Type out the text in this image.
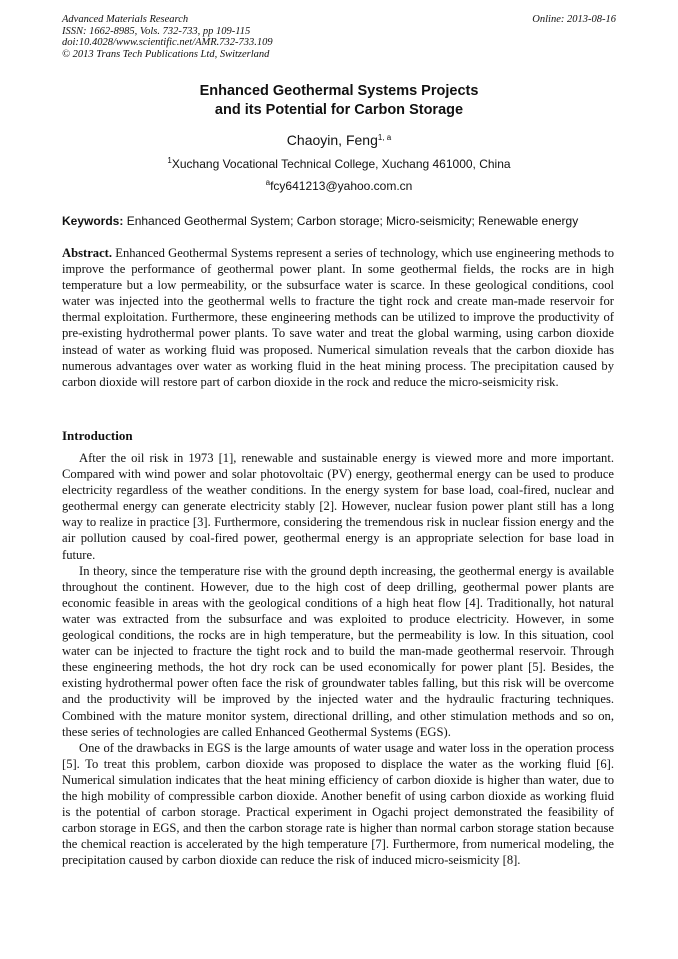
Advanced Materials Research
ISSN: 1662-8985, Vols. 732-733, pp 109-115
doi:10.4028/www.scientific.net/AMR.732-733.109
© 2013 Trans Tech Publications Ltd, Switzerland
Online: 2013-08-16
Enhanced Geothermal Systems Projects
and its Potential for Carbon Storage
Chaoyin, Feng$^{1, a}$
$^1$Xuchang Vocational Technical College, Xuchang 461000, China
$^a$fcy641213@yahoo.com.cn
Keywords: Enhanced Geothermal System; Carbon storage; Micro-seismicity; Renewable energy

Abstract. Enhanced Geothermal Systems represent a series of technology, which use engineering methods to improve the performance of geothermal power plant. In some geothermal fields, the rocks are in high temperature but a low permeability, or the subsurface water is scarce. In these geological conditions, cool water was injected into the geothermal wells to fracture the tight rock and create man-made reservoir for thermal exploitation. Furthermore, these engineering methods can be utilized to improve the productivity of pre-existing hydrothermal power plants. To save water and treat the global warming, using carbon dioxide instead of water as working fluid was proposed. Numerical simulation reveals that the carbon dioxide has numerous advantages over water as working fluid in the heat mining process. The precipitation caused by carbon dioxide will restore part of carbon dioxide in the rock and reduce the micro-seismicity risk.

Introduction

After the oil risk in 1973 [1], renewable and sustainable energy is viewed more and more important. Compared with wind power and solar photovoltaic (PV) energy, geothermal energy can be used to produce electricity regardless of the weather conditions. In the energy system for base load, coal-fired, nuclear and geothermal energy can generate electricity stably [2]. However, nuclear fusion power plant still has a long way to realize in practice [3]. Furthermore, considering the tremendous risk in nuclear fission energy and the air pollution caused by coal-fired power, geothermal energy is an appropriate selection for base load in future.

In theory, since the temperature rise with the ground depth increasing, the geothermal energy is available throughout the continent. However, due to the high cost of deep drilling, geothermal power plants are economic feasible in areas with the geological conditions of a high heat flow [4]. Traditionally, hot natural water was extracted from the subsurface and was exploited to produce electricity. However, in some geological conditions, the rocks are in high temperature, but the permeability is low. In this situation, cool water can be injected to fracture the tight rock and to build the man-made geothermal reservoir. Through these engineering methods, the hot dry rock can be used economically for power plant [5]. Besides, the existing hydrothermal power often face the risk of groundwater tables falling, but this risk will be overcome and the productivity will be improved by the injected water and the hydraulic fracturing techniques. Combined with the mature monitor system, directional drilling, and other stimulation methods and so on, these series of technologies are called Enhanced Geothermal Systems (EGS).

One of the drawbacks in EGS is the large amounts of water usage and water loss in the operation process [5]. To treat this problem, carbon dioxide was proposed to displace the water as the working fluid [6]. Numerical simulation indicates that the heat mining efficiency of carbon dioxide is higher than water, due to the high mobility of compressible carbon dioxide. Another benefit of using carbon dioxide as working fluid is the potential of carbon storage. Practical experiment in Ogachi project demonstrated the feasibility of carbon storage in EGS, and then the carbon storage rate is higher than normal carbon storage station because the chemical reaction is accelerated by the high temperature [7]. Furthermore, from numerical modeling, the precipitation caused by carbon dioxide can reduce the risk of induced micro-seismicity [8].
